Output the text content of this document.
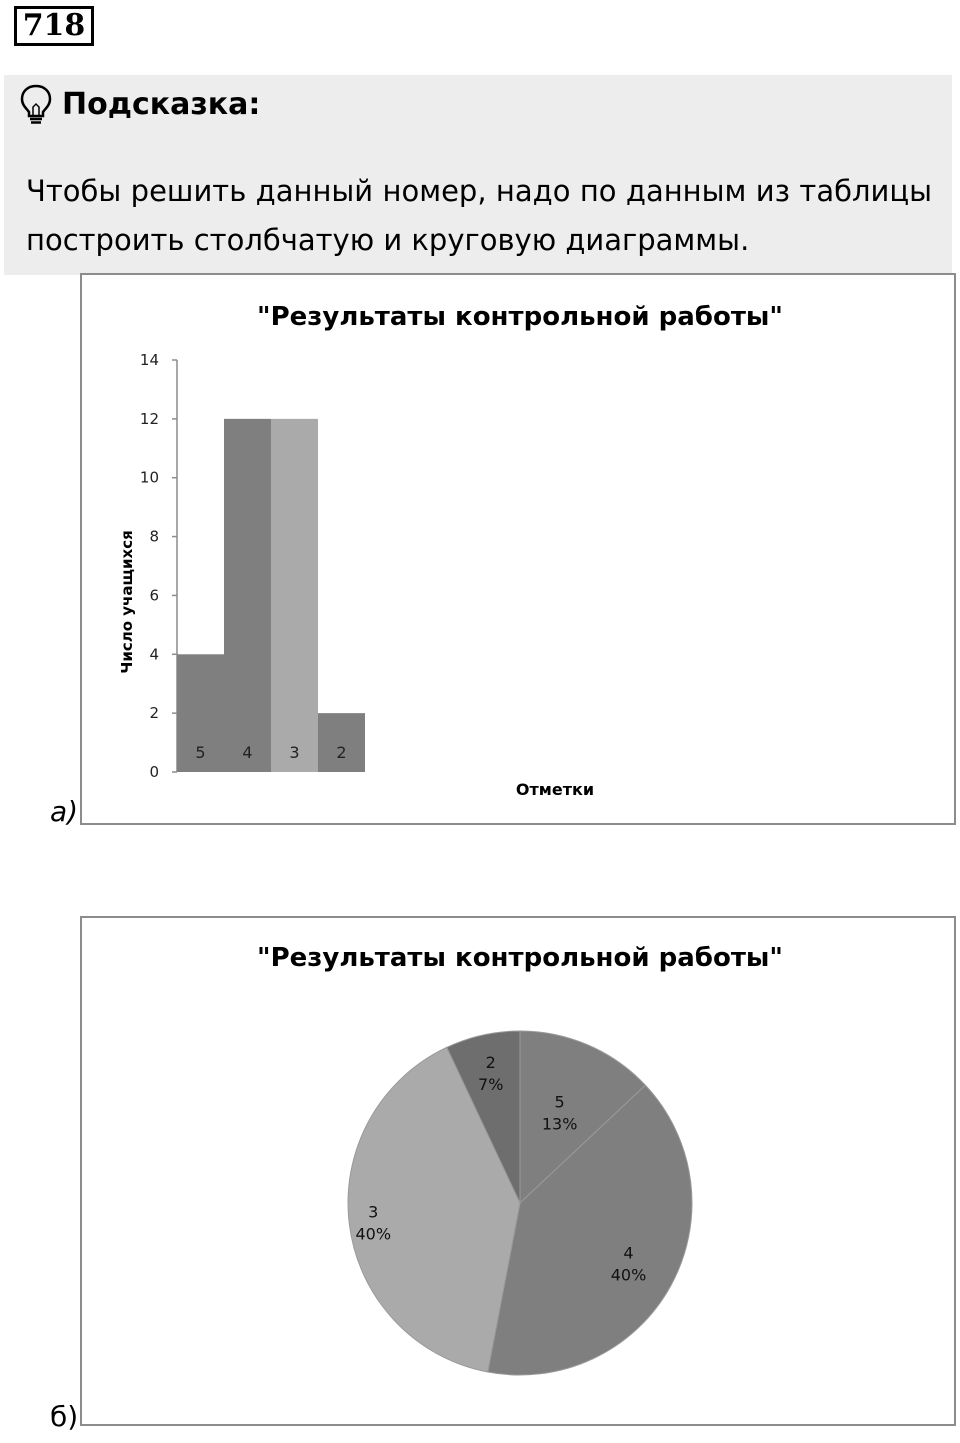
718
Подсказка:
Чтобы решить данный номер, надо по данным из таблицы построить столбчатую и круговую диаграммы.
"Результаты контрольной работы"
0
2
4
6
8
10
12
14
5 4 3 2
Отметки
Число учащихся
а)
"Результаты контрольной работы"
5
13%
4
40%
3
40%
2
7%
б)
